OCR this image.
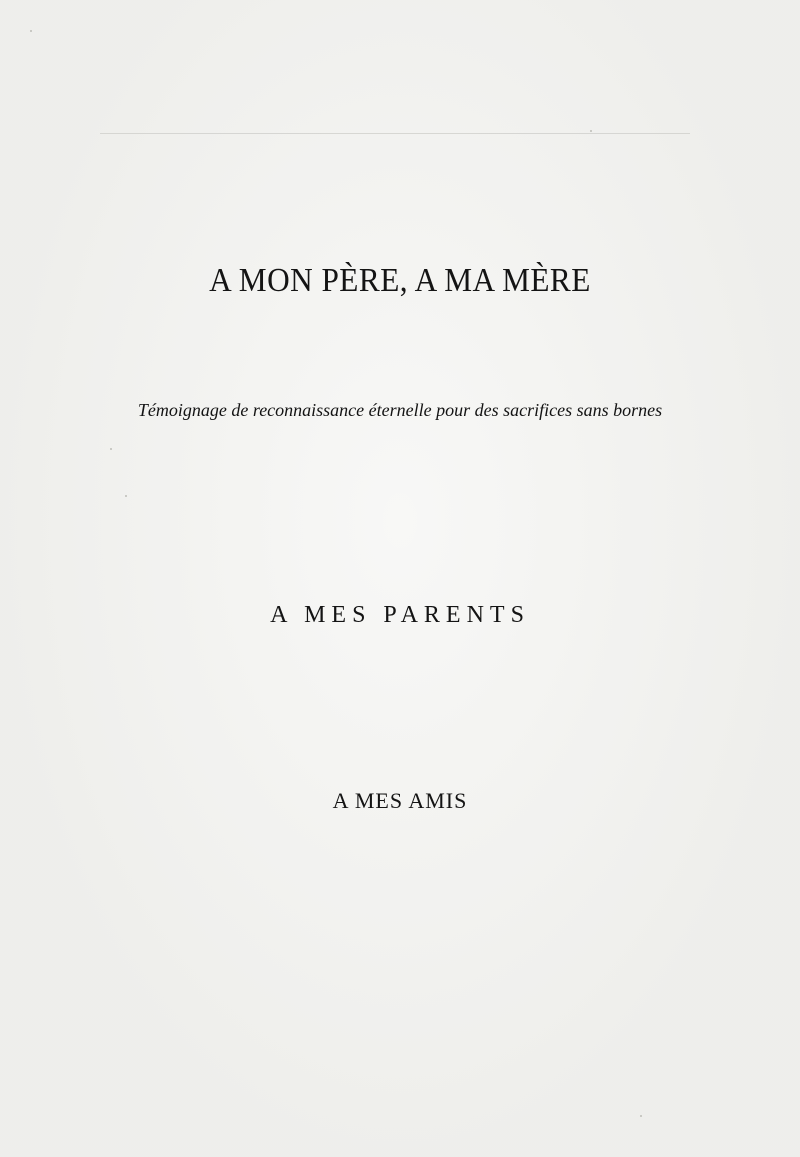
A MON PÈRE, A MA MÈRE
Témoignage de reconnaissance éternelle pour des sacrifices sans bornes
A MES PARENTS
A MES AMIS
